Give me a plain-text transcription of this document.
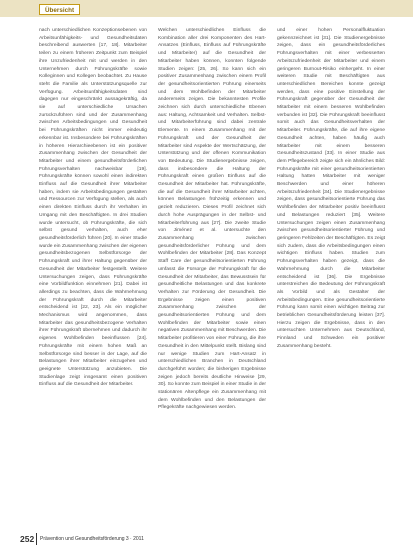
Übersicht

nach unterschiedlichen Konzeptionsebenen von Arbeitsunfähigkeits- und Gesundheitsdaten beschreibend auswerten [17, 18]. Mitarbeiter teilen zu einem früheren Zeitpunkt zum Beispiel ihre Unzufriedenheit mit und werden in den Unternehmen durch Führungskräfte sowie Kolleginnen und Kollegen beobachtet. Zu Hause steht die Familie als Unterstützungsquelle zur Verfügung. Arbeitsunfähigkeitsdaten sind dagegen nur eingeschränkt aussagekräftig, da sie auf unterschiedliche Ursachen zurückzuführen sind und der Zusammenhang zwischen Arbeitsbedingungen und Gesundheit bei Führungskräften nicht immer eindeutig erkennbar ist. Insbesondere bei Führungskräften in höheren Hierarchieebenen ist ein positiver Zusammenhang zwischen der Gesundheit der Mitarbeiter und einem gesundheitsförderlichen Führungsverhalten nachweisbar [19]. Führungskräfte können sowohl einen indirekten Einfluss auf die Gesundheit ihrer Mitarbeiter haben, indem sie Arbeitsbedingungen gestalten und Ressourcen zur Verfügung stellen, als auch einen direkten Einfluss durch ihr Verhalten im Umgang mit den Beschäftigten. In drei Studien wurde untersucht, ob Führungskräfte, die sich selbst gesund verhalten, auch eher gesundheitsförderlich führen [20]. In einer Studie wurde ein Zusammenhang zwischen der eigenen gesundheitsbezogenen Selbstfürsorge der Führungskraft und ihrer Haltung gegenüber der Gesundheit der Mitarbeiter festgestellt. Weitere Untersuchungen zeigen, dass Führungskräfte eine Vorbildfunktion einnehmen [21]. Dabei ist allerdings zu beachten, dass die Wahrnehmung der Führungskraft durch die Mitarbeiter entscheidend ist [22, 23]. Als ein möglicher Mechanismus wird angenommen, dass Mitarbeiter das gesundheitsbezogene Verhalten ihrer Führungskraft übernehmen und dadurch ihr eigenes Wohlbefinden beeinflussen [24]. Führungskräfte mit einem hohen Maß an Selbstfürsorge sind besser in der Lage, auf die Belastungen ihrer Mitarbeiter einzugehen und geeignete Unterstützung anzubieten. Die Studienlage zeigt insgesamt einen positiven Einfluss auf die Gesundheit der Mitarbeiter.

Welchen unterschiedlichen Einfluss die Kombination aller drei Komponenten des Hart-Ansatzes (Einfluss, Einfluss auf Führungskräfte und Mitarbeiter) auf die Gesundheit der Mitarbeiter haben können, konnten folgende Studien zeigen: [25, 26]. So kann sich ein positiver Zusammenhang zwischen einem Profil der gesundheitsorientierten Führung einerseits und dem Wohlbefinden der Mitarbeiter andererseits zeigen. Die bekanntesten Profile zeichnen sich durch unterschiedliche Ebenen aus: Haltung, Achtsamkeit und Verhalten. Selbst- und Mitarbeiterführung sind dabei zentrale Elemente. In einem Zusammenhang mit der Führungskraft und der Gesundheit der Mitarbeiter sind Aspekte der Wertschätzung, der Unterstützung und der offenen Kommunikation von Bedeutung. Die Studienergebnisse zeigen, dass insbesondere die Haltung der Führungskraft einen großen Einfluss auf die Gesundheit der Mitarbeiter hat. Führungskräfte, die auf die Gesundheit ihrer Mitarbeiter achten, können Belastungen frühzeitig erkennen und gezielt reduzieren. Dieses Profil zeichnet sich durch hohe Ausprägungen in der Selbst- und Mitarbeiterführung aus [27]. Die zweite Studie von Jiménez et al. untersuchte den Zusammenhang zwischen gesundheitsförderlicher Führung und dem Wohlbefinden der Mitarbeiter [28]. Das Konzept Staff Care der gesundheitsorientierten Führung umfasst die Fürsorge der Führungskraft für die Gesundheit der Mitarbeiter, das Bewusstsein für gesundheitliche Belastungen und das konkrete Verhalten zur Förderung der Gesundheit. Die Ergebnisse zeigen einen positiven Zusammenhang zwischen der gesundheitsorientierten Führung und dem Wohlbefinden der Mitarbeiter sowie einen negativen Zusammenhang mit Beschwerden. Die Mitarbeiter profitieren von einer Führung, die ihre Gesundheit in den Mittelpunkt stellt. Bislang sind nur wenige Studien zum Hart-Ansatz in unterschiedlichen Branchen in Deutschland durchgeführt worden; die bisherigen Ergebnisse zeigen jedoch bereits deutliche Hinweise [29, 30]. So konnte zum Beispiel in einer Studie in der stationären Altenpflege ein Zusammenhang mit dem Wohlbefinden und den Belastungen der Pflegekräfte nachgewiesen werden.

und einer hohen Personalfluktuation gekennzeichnet ist [31]. Die Studienergebnisse zeigen, dass ein gesundheitsförderliches Führungsverhalten mit einer verbesserten Arbeitszufriedenheit der Mitarbeiter und einem geringeren Burnout-Risiko einhergeht. In einer weiteren Studie mit Beschäftigten aus unterschiedlichen Bereichen konnte gezeigt werden, dass eine positive Einstellung der Führungskraft gegenüber der Gesundheit der Mitarbeiter mit einem besseren Wohlbefinden verbunden ist [32]. Die Führungskraft beeinflusst somit auch das Gesundheitsverhalten der Mitarbeiter. Führungskräfte, die auf ihre eigene Gesundheit achten, haben häufig auch Mitarbeiter mit einem besseren Gesundheitszustand [33]. In einer Studie aus dem Pflegebereich zeigte sich ein ähnliches Bild: Führungskräfte mit einer gesundheitsorientierten Haltung hatten Mitarbeiter mit weniger Beschwerden und einer höheren Arbeitszufriedenheit [34]. Die Studienergebnisse zeigen, dass gesundheitsorientierte Führung das Wohlbefinden der Mitarbeiter positiv beeinflusst und Belastungen reduziert [35]. Weitere Untersuchungen zeigen einen Zusammenhang zwischen gesundheitsorientierter Führung und geringeren Fehlzeiten der Beschäftigten. Es zeigt sich zudem, dass die Arbeitsbedingungen einen wichtigen Einfluss haben. Studien zum Führungsverhalten haben gezeigt, dass die Wahrnehmung durch die Mitarbeiter entscheidend ist [36]. Die Ergebnisse unterstreichen die Bedeutung der Führungskraft als Vorbild und als Gestalter der Arbeitsbedingungen. Eine gesundheitsorientierte Führung kann somit einen wichtigen Beitrag zur betrieblichen Gesundheitsförderung leisten [37]. Hierzu zeigen die Ergebnisse, dass in den untersuchten Unternehmen aus Deutschland, Finnland und Schweden ein positiver Zusammenhang besteht.

252 Prävention und Gesundheitsförderung 3 · 2011
